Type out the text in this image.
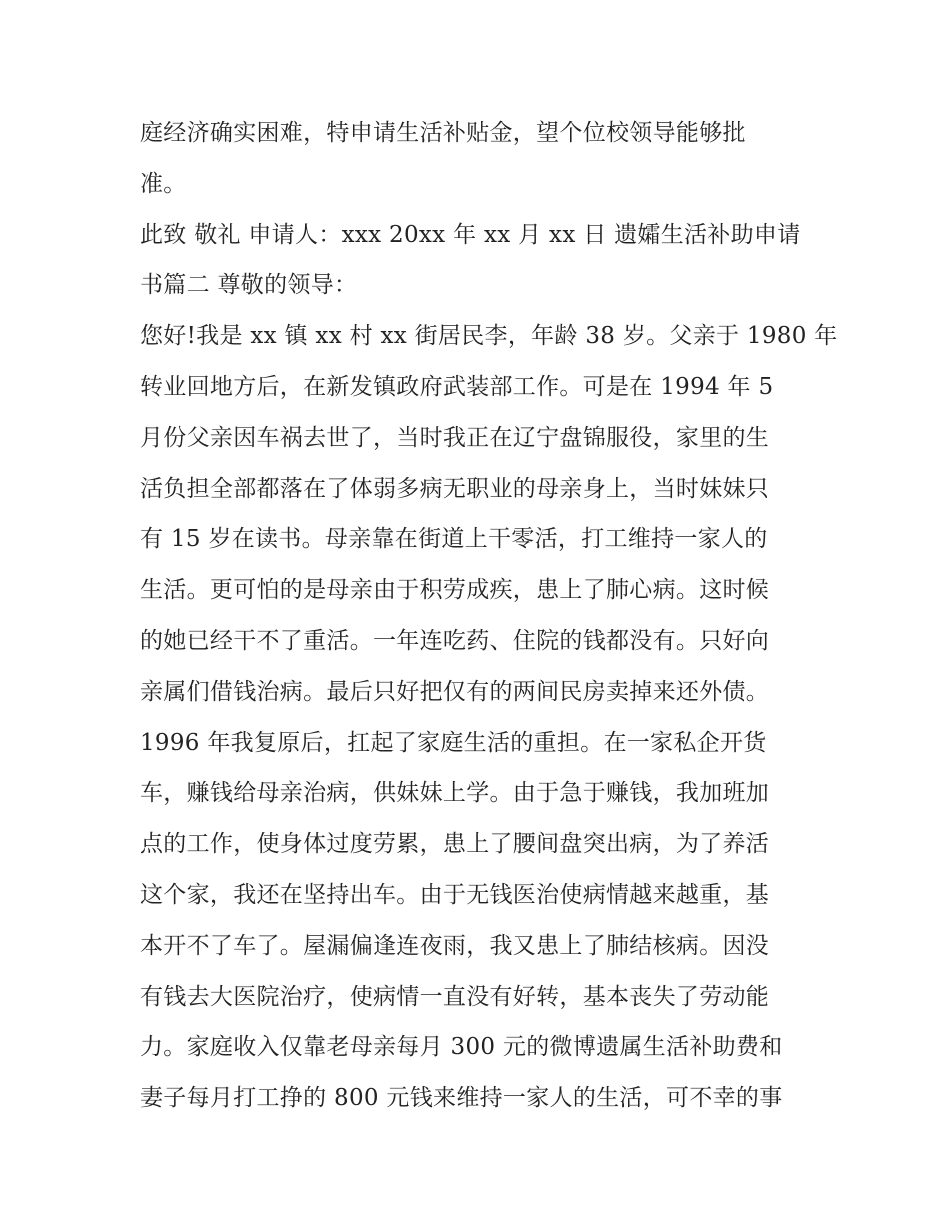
庭经济确实困难，特申请生活补贴金，望个位校领导能够批
准。
此致 敬礼 申请人：xxx 20xx 年 xx 月 xx 日 遗孀生活补助申请
书篇二 尊敬的领导：
您好!我是 xx 镇 xx 村 xx 街居民李，年龄 38 岁。父亲于 1980 年
转业回地方后，在新发镇政府武装部工作。可是在 1994 年 5
月份父亲因车祸去世了，当时我正在辽宁盘锦服役，家里的生
活负担全部都落在了体弱多病无职业的母亲身上，当时妹妹只
有 15 岁在读书。母亲靠在街道上干零活，打工维持一家人的
生活。更可怕的是母亲由于积劳成疾，患上了肺心病。这时候
的她已经干不了重活。一年连吃药、住院的钱都没有。只好向
亲属们借钱治病。最后只好把仅有的两间民房卖掉来还外债。
1996 年我复原后，扛起了家庭生活的重担。在一家私企开货
车，赚钱给母亲治病，供妹妹上学。由于急于赚钱，我加班加
点的工作，使身体过度劳累，患上了腰间盘突出病，为了养活
这个家，我还在坚持出车。由于无钱医治使病情越来越重，基
本开不了车了。屋漏偏逢连夜雨，我又患上了肺结核病。因没
有钱去大医院治疗，使病情一直没有好转，基本丧失了劳动能
力。家庭收入仅靠老母亲每月 300 元的微博遗属生活补助费和
妻子每月打工挣的 800 元钱来维持一家人的生活，可不幸的事
